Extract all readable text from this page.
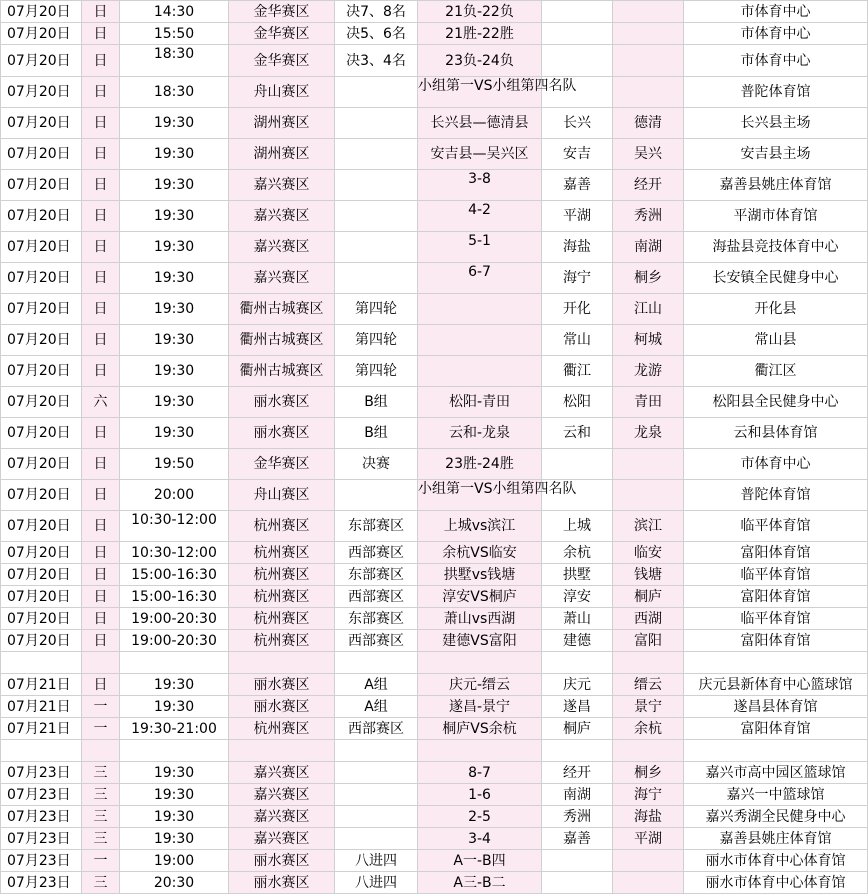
07月20日	日	14:30	金华赛区	决7、8名	21负-22负			市体育中心
07月20日	日	15:50	金华赛区	决5、6名	21胜-22胜			市体育中心
07月20日	日	18:30	金华赛区	决3、4名	23负-24负			市体育中心
07月20日	日	18:30	舟山赛区		小组第一VS小组第四名队			普陀体育馆
07月20日	日	19:30	湖州赛区		长兴县—德清县	长兴	德清	长兴县主场
07月20日	日	19:30	湖州赛区		安吉县—吴兴区	安吉	吴兴	安吉县主场
07月20日	日	19:30	嘉兴赛区		3-8	嘉善	经开	嘉善县姚庄体育馆
07月20日	日	19:30	嘉兴赛区		4-2	平湖	秀洲	平湖市体育馆
07月20日	日	19:30	嘉兴赛区		5-1	海盐	南湖	海盐县竞技体育中心
07月20日	日	19:30	嘉兴赛区		6-7	海宁	桐乡	长安镇全民健身中心
07月20日	日	19:30	衢州古城赛区	第四轮		开化	江山	开化县
07月20日	日	19:30	衢州古城赛区	第四轮		常山	柯城	常山县
07月20日	日	19:30	衢州古城赛区	第四轮		衢江	龙游	衢江区
07月20日	六	19:30	丽水赛区	B组	松阳-青田	松阳	青田	松阳县全民健身中心
07月20日	日	19:30	丽水赛区	B组	云和-龙泉	云和	龙泉	云和县体育馆
07月20日	日	19:50	金华赛区	决赛	23胜-24胜			市体育中心
07月20日	日	20:00	舟山赛区		小组第一VS小组第四名队			普陀体育馆
07月20日	日	10:30-12:00	杭州赛区	东部赛区	上城vs滨江	上城	滨江	临平体育馆
07月20日	日	10:30-12:00	杭州赛区	西部赛区	余杭VS临安	余杭	临安	富阳体育馆
07月20日	日	15:00-16:30	杭州赛区	东部赛区	拱墅vs钱塘	拱墅	钱塘	临平体育馆
07月20日	日	15:00-16:30	杭州赛区	西部赛区	淳安VS桐庐	淳安	桐庐	富阳体育馆
07月20日	日	19:00-20:30	杭州赛区	东部赛区	萧山vs西湖	萧山	西湖	临平体育馆
07月20日	日	19:00-20:30	杭州赛区	西部赛区	建德VS富阳	建德	富阳	富阳体育馆

07月21日	日	19:30	丽水赛区	A组	庆元-缙云	庆元	缙云	庆元县新体育中心篮球馆
07月21日	一	19:30	丽水赛区	A组	遂昌-景宁	遂昌	景宁	遂昌县体育馆
07月21日	一	19:30-21:00	杭州赛区	西部赛区	桐庐VS余杭	桐庐	余杭	富阳体育馆

07月23日	三	19:30	嘉兴赛区		8-7	经开	桐乡	嘉兴市高中园区篮球馆
07月23日	三	19:30	嘉兴赛区		1-6	南湖	海宁	嘉兴一中篮球馆
07月23日	三	19:30	嘉兴赛区		2-5	秀洲	海盐	嘉兴秀湖全民健身中心
07月23日	三	19:30	嘉兴赛区		3-4	嘉善	平湖	嘉善县姚庄体育馆
07月23日	一	19:00	丽水赛区	八进四	A一-B四			丽水市体育中心体育馆
07月23日	三	20:30	丽水赛区	八进四	A三-B二			丽水市体育中心体育馆
